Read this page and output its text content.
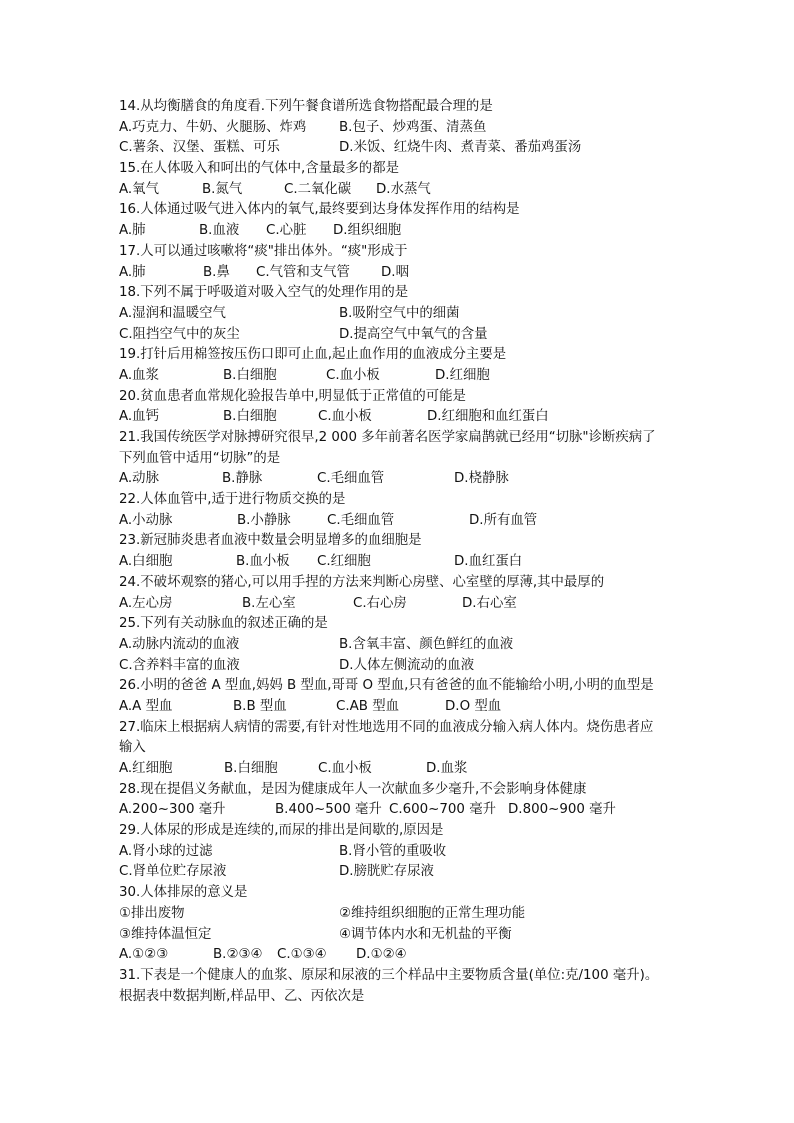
14.从均衡膳食的角度看.下列午餐食谱所选食物搭配最合理的是
A.巧克力、牛奶、火腿肠、炸鸡 B.包子、炒鸡蛋、清蒸鱼
C.薯条、汉堡、蛋糕、可乐	D.米饭、红烧牛肉、煮青菜、番茄鸡蛋汤
15.在人体吸入和呵出的气体中,含量最多的都是
A.氧气	B.氮气	C.二氧化碳 D.水蒸气
16.人体通过吸气进入体内的氧气,最终要到达身体发挥作用的结构是
A.肺	B.血液 C.心脏 D.组织细胞
17.人可以通过咳嗽将“痰"排出体外。“痰"形成于
A.肺	B.鼻 C.气管和支气管 D.咽
18.下列不属于呼吸道对吸入空气的处理作用的是
A.湿润和温暖空气	B.吸附空气中的细菌
C.阻挡空气中的灰尘	D.提高空气中氧气的含量
19.打针后用棉签按压伤口即可止血,起止血作用的血液成分主要是
A.血浆	B.白细胞	C.血小板	D.红细胞
20.贫血患者血常规化验报告单中,明显低于正常值的可能是
A.血钙	B.白细胞	C.血小板	D.红细胞和血红蛋白
21.我国传统医学对脉搏研究很早,2 000 多年前著名医学家扁鹊就已经用“切脉"诊断疾病了
下列血管中适用“切脉”的是
A.动脉	B.静脉	C.毛细血管	D.桡静脉
22.人体血管中,适于进行物质交换的是
A.小动脉	B.小静脉	C.毛细血管	D.所有血管
23.新冠肺炎患者血液中数量会明显增多的血细胞是
A.白细胞	B.血小板 C.红细胞	D.血红蛋白
24.不破坏观察的猪心,可以用手捏的方法来判断心房壁、心室壁的厚薄,其中最厚的
A.左心房	B.左心室	C.右心房	D.右心室
25.下列有关动脉血的叙述正确的是
A.动脉内流动的血液	B.含氧丰富、颜色鲜红的血液
C.含养料丰富的血液	D.人体左侧流动的血液
26.小明的爸爸 A 型血,妈妈 B 型血,哥哥 O 型血,只有爸爸的血不能输给小明,小明的血型是
A.A 型血	B.B 型血	C.AB 型血	D.O 型血
27.临床上根据病人病情的需要,有针对性地选用不同的血液成分输入病人体内。烧伤患者应
输入
A.红细胞	B.白细胞	C.血小板	D.血浆
28.现在提倡义务献血，是因为健康成年人一次献血多少毫升,不会影响身体健康
A.200~300 毫升	B.400~500 毫升 C.600~700 毫升 D.800~900 毫升
29.人体尿的形成是连续的,而尿的排出是间歇的,原因是
A.肾小球的过滤	B.肾小管的重吸收
C.肾单位贮存尿液	D.膀胱贮存尿液
30.人体排尿的意义是
①排出废物	②维持组织细胞的正常生理功能
③维持体温恒定	④调节体内水和无机盐的平衡
A.①②③	B.②③④ C.①③④ D.①②④
31.下表是一个健康人的血浆、原尿和尿液的三个样品中主要物质含量(单位:克/100 毫升)。
根据表中数据判断,样品甲、乙、丙依次是
